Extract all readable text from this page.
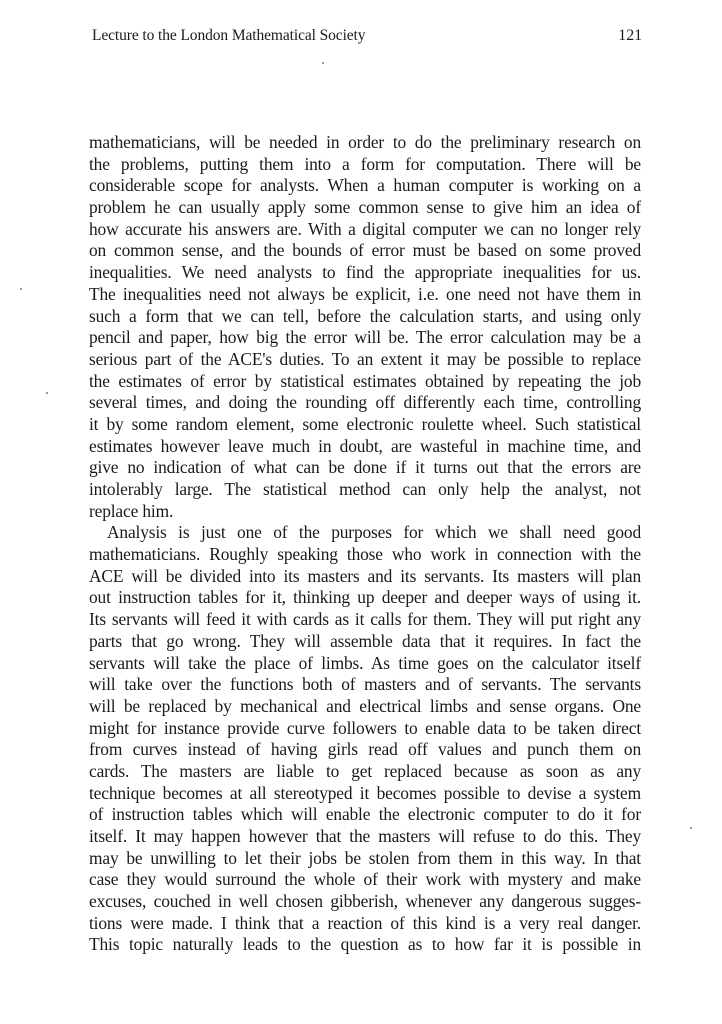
Lecture to the London Mathematical Society	121
mathematicians, will be needed in order to do the preliminary research on
the problems, putting them into a form for computation. There will be
considerable scope for analysts. When a human computer is working on a
problem he can usually apply some common sense to give him an idea of
how accurate his answers are. With a digital computer we can no longer rely
on common sense, and the bounds of error must be based on some proved
inequalities. We need analysts to find the appropriate inequalities for us.
The inequalities need not always be explicit, i.e. one need not have them in
such a form that we can tell, before the calculation starts, and using only
pencil and paper, how big the error will be. The error calculation may be a
serious part of the ACE's duties. To an extent it may be possible to replace
the estimates of error by statistical estimates obtained by repeating the job
several times, and doing the rounding off differently each time, controlling
it by some random element, some electronic roulette wheel. Such statistical
estimates however leave much in doubt, are wasteful in machine time, and
give no indication of what can be done if it turns out that the errors are
intolerably large. The statistical method can only help the analyst, not
replace him.
Analysis is just one of the purposes for which we shall need good
mathematicians. Roughly speaking those who work in connection with the
ACE will be divided into its masters and its servants. Its masters will plan
out instruction tables for it, thinking up deeper and deeper ways of using it.
Its servants will feed it with cards as it calls for them. They will put right any
parts that go wrong. They will assemble data that it requires. In fact the
servants will take the place of limbs. As time goes on the calculator itself
will take over the functions both of masters and of servants. The servants
will be replaced by mechanical and electrical limbs and sense organs. One
might for instance provide curve followers to enable data to be taken direct
from curves instead of having girls read off values and punch them on
cards. The masters are liable to get replaced because as soon as any
technique becomes at all stereotyped it becomes possible to devise a system
of instruction tables which will enable the electronic computer to do it for
itself. It may happen however that the masters will refuse to do this. They
may be unwilling to let their jobs be stolen from them in this way. In that
case they would surround the whole of their work with mystery and make
excuses, couched in well chosen gibberish, whenever any dangerous sugges-
tions were made. I think that a reaction of this kind is a very real danger.
This topic naturally leads to the question as to how far it is possible in
